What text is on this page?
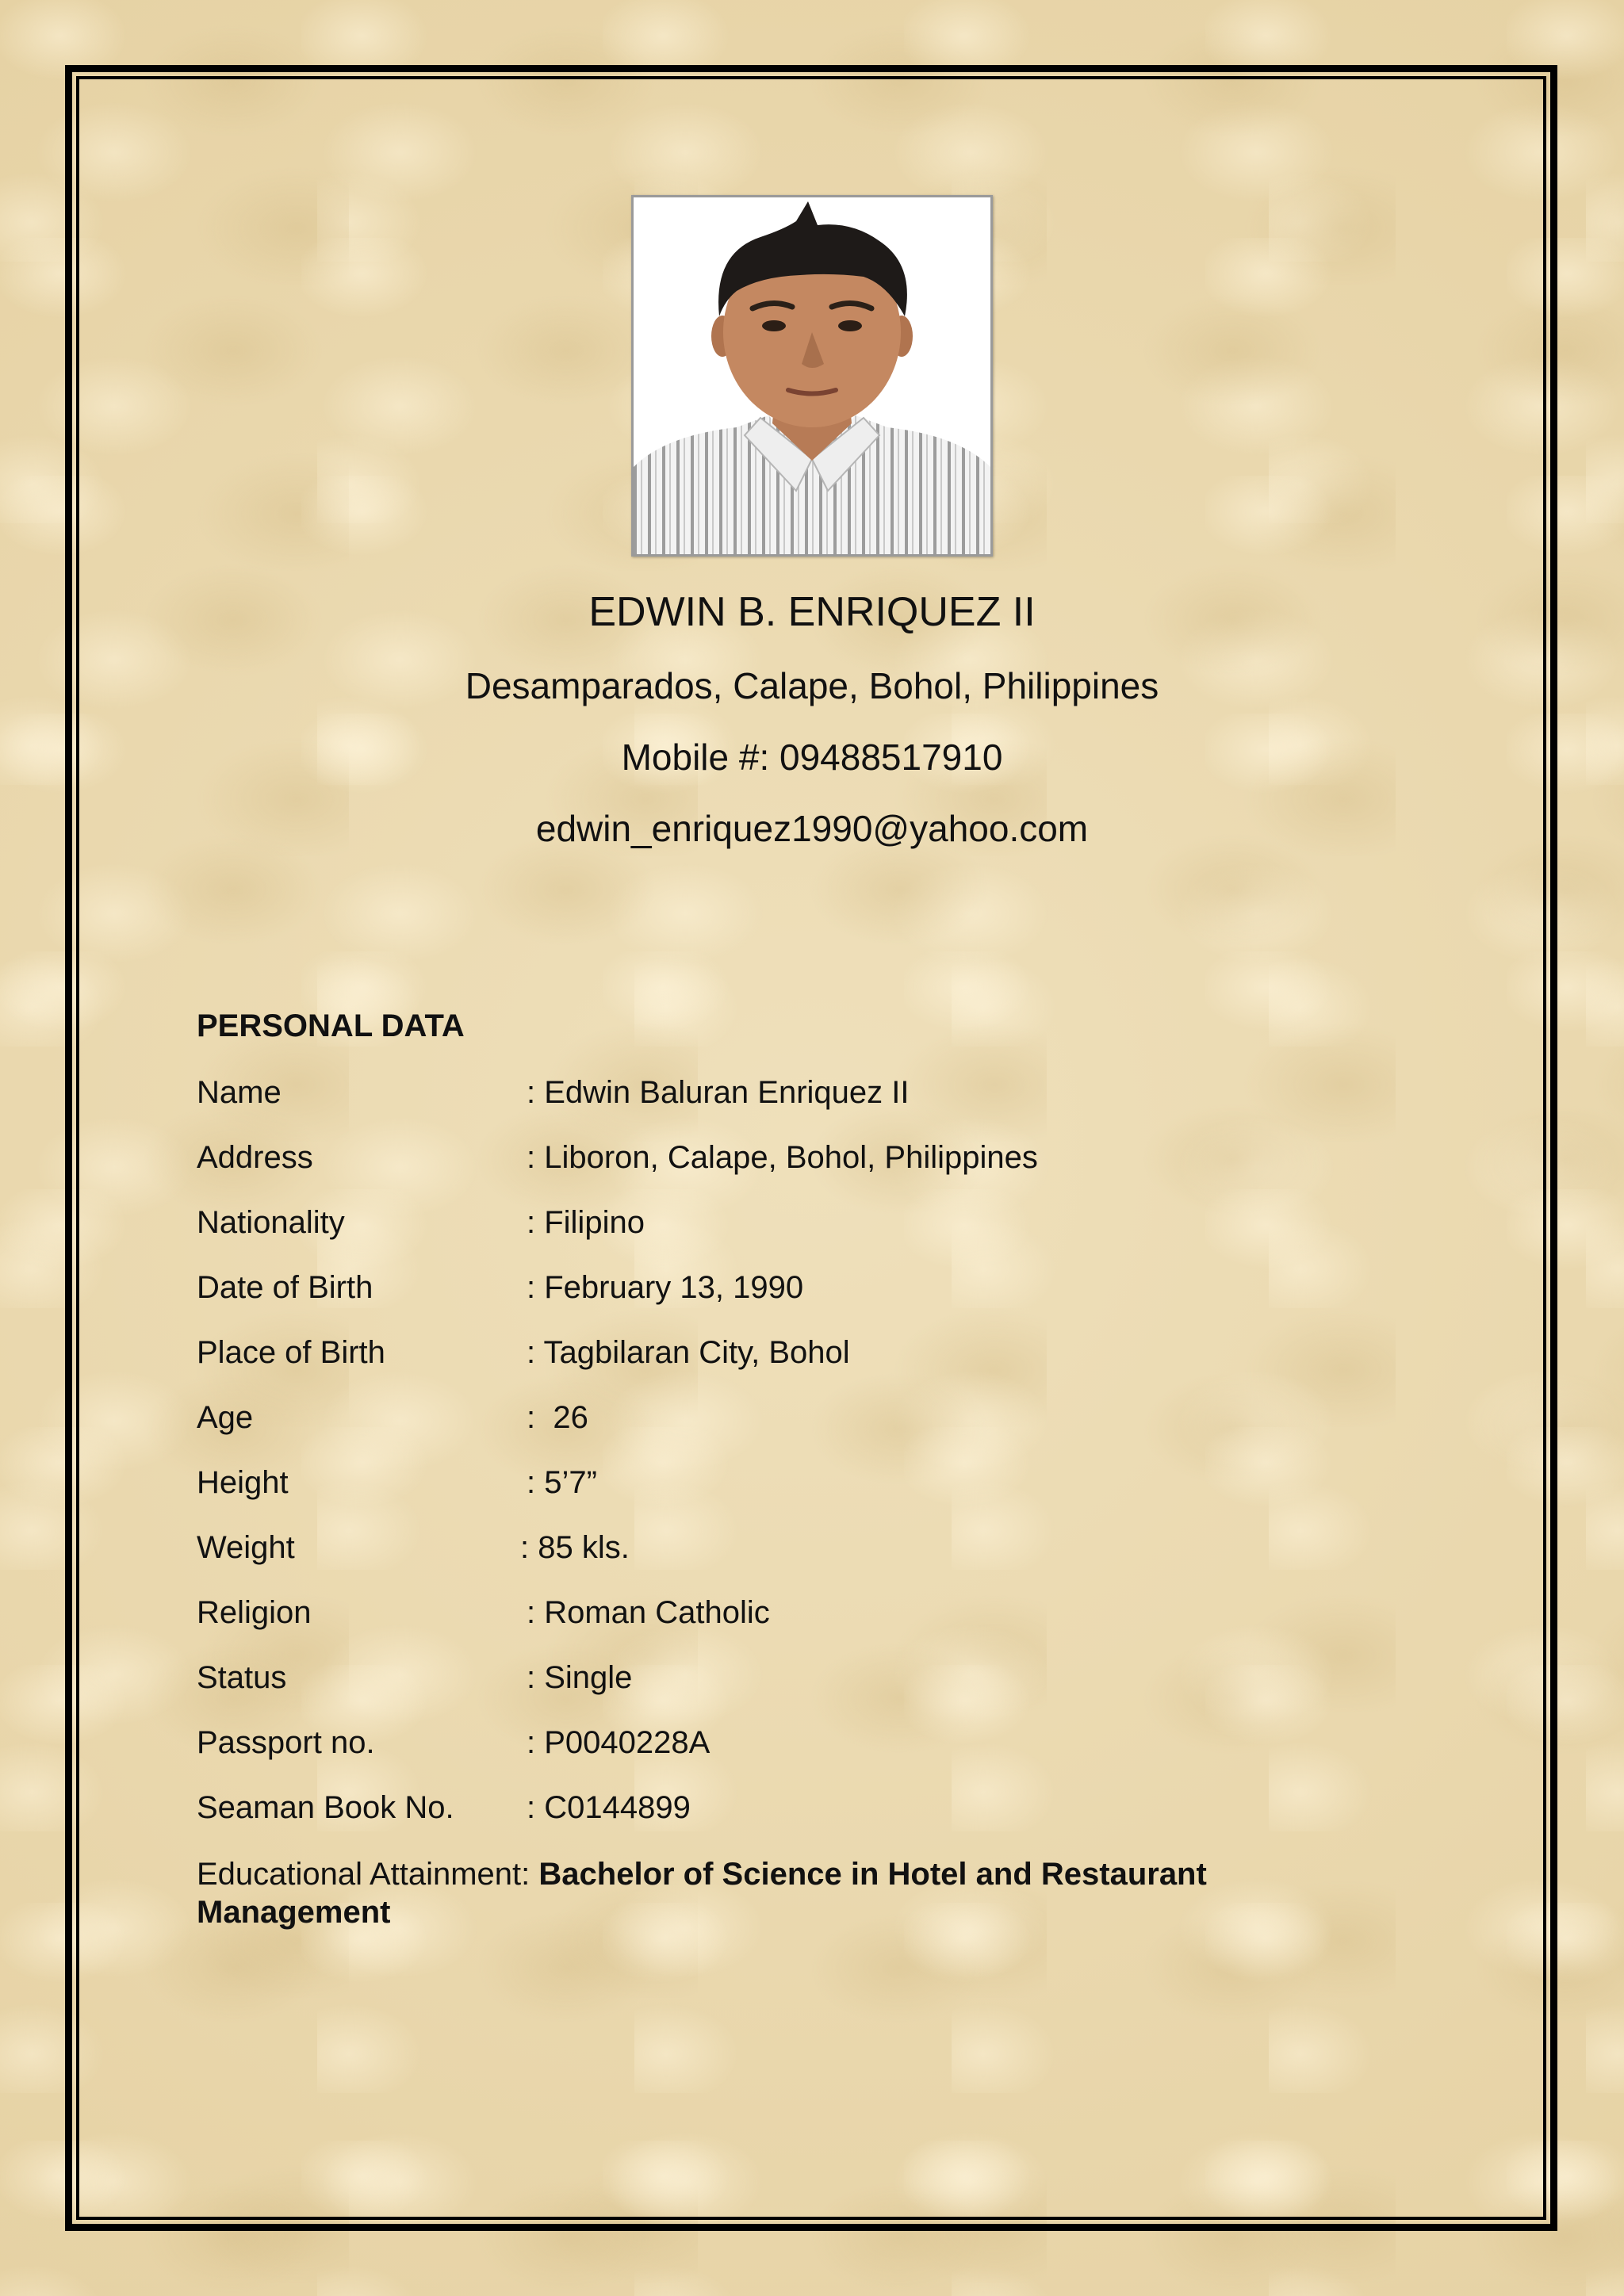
EDWIN B. ENRIQUEZ II
Desamparados, Calape, Bohol, Philippines
Mobile #: 09488517910
edwin_enriquez1990@yahoo.com
PERSONAL DATA
Name	: Edwin Baluran Enriquez II
Address	: Liboron, Calape, Bohol, Philippines
Nationality	: Filipino
Date of Birth	: February 13, 1990
Place of Birth	: Tagbilaran City, Bohol
Age	:  26
Height	: 5’7”
Weight	: 85 kls.
Religion	: Roman Catholic
Status	: Single
Passport no.	: P0040228A
Seaman Book No. : C0144899
Educational Attainment: Bachelor of Science in Hotel and Restaurant Management
